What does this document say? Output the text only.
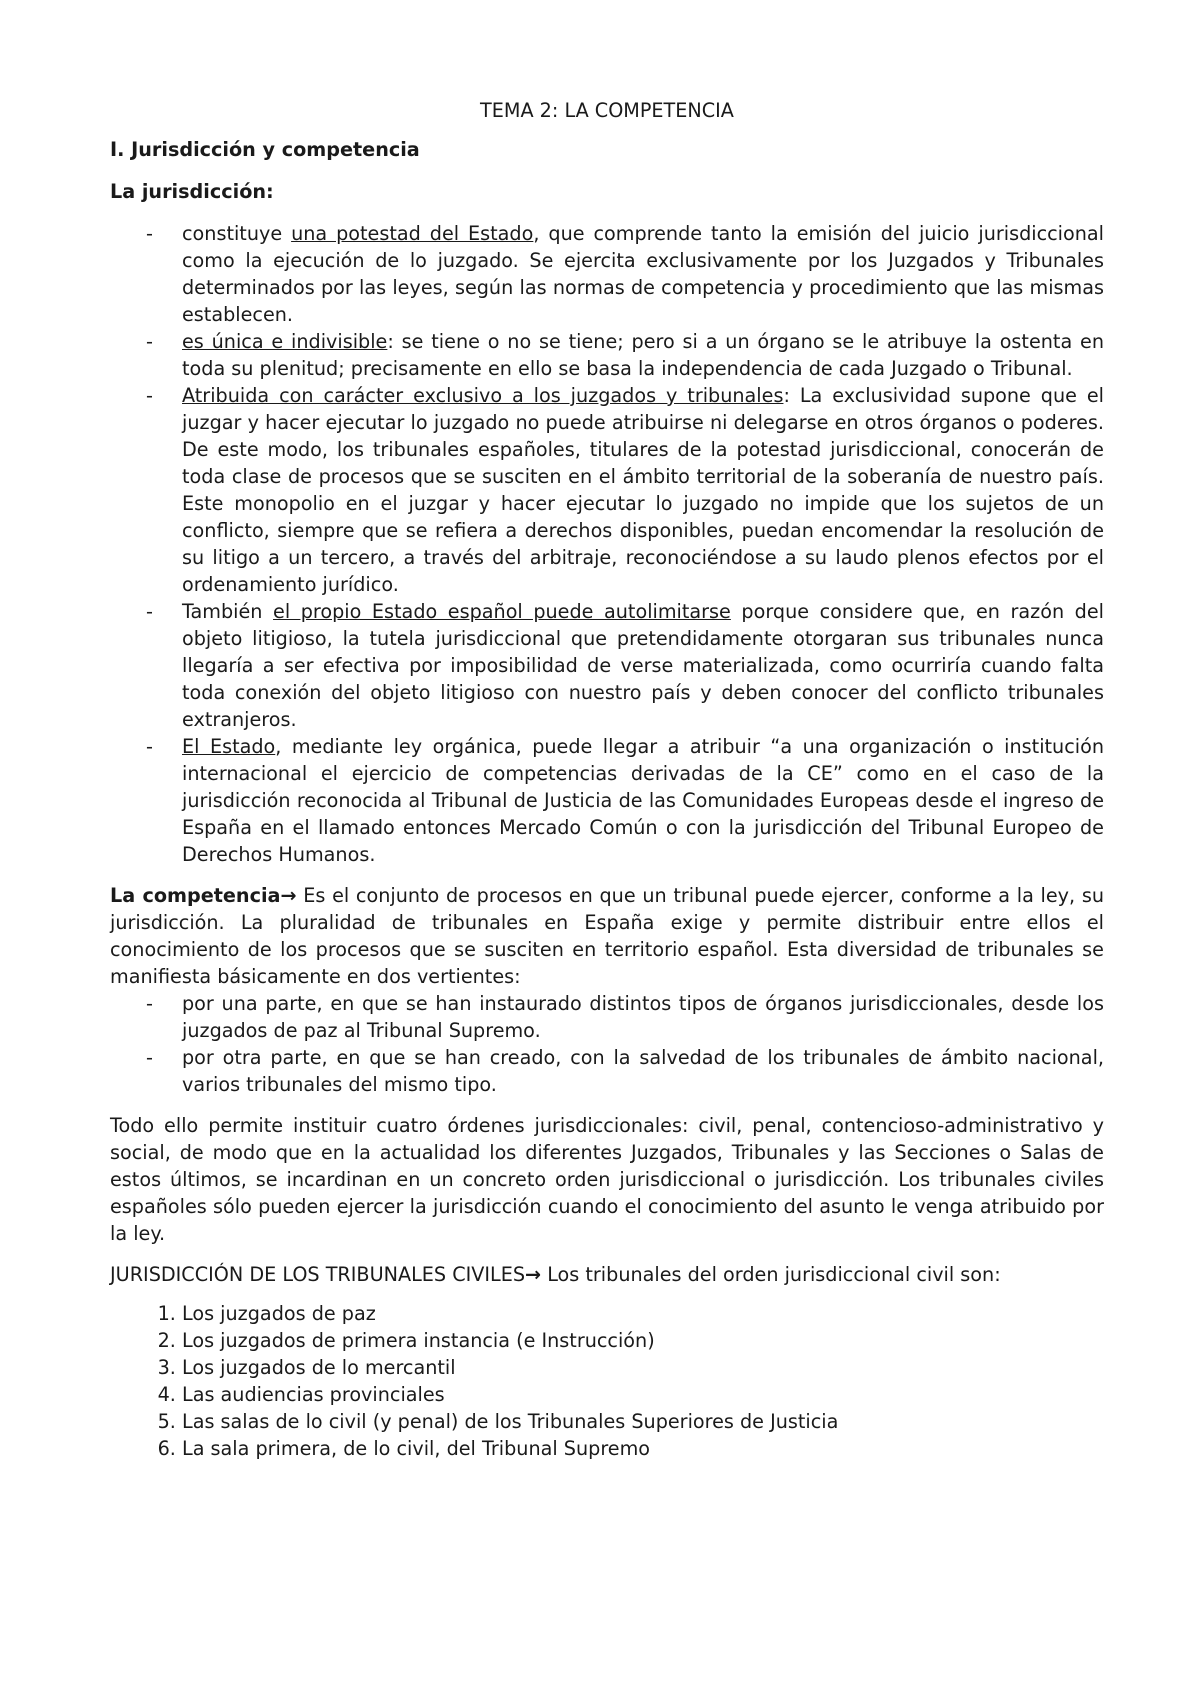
TEMA 2: LA COMPETENCIA
I. Jurisdicción y competencia
La jurisdicción:
- constituye una potestad del Estado, que comprende tanto la emisión del juicio jurisdiccional como la ejecución de lo juzgado. Se ejercita exclusivamente por los Juzgados y Tribunales determinados por las leyes, según las normas de competencia y procedimiento que las mismas establecen.
- es única e indivisible: se tiene o no se tiene; pero si a un órgano se le atribuye la ostenta en toda su plenitud; precisamente en ello se basa la independencia de cada Juzgado o Tribunal.
- Atribuida con carácter exclusivo a los juzgados y tribunales: La exclusividad supone que el juzgar y hacer ejecutar lo juzgado no puede atribuirse ni delegarse en otros órganos o poderes. De este modo, los tribunales españoles, titulares de la potestad jurisdiccional, conocerán de toda clase de procesos que se susciten en el ámbito territorial de la soberanía de nuestro país. Este monopolio en el juzgar y hacer ejecutar lo juzgado no impide que los sujetos de un conflicto, siempre que se refiera a derechos disponibles, puedan encomendar la resolución de su litigo a un tercero, a través del arbitraje, reconociéndose a su laudo plenos efectos por el ordenamiento jurídico.
- También el propio Estado español puede autolimitarse porque considere que, en razón del objeto litigioso, la tutela jurisdiccional que pretendidamente otorgaran sus tribunales nunca llegaría a ser efectiva por imposibilidad de verse materializada, como ocurriría cuando falta toda conexión del objeto litigioso con nuestro país y deben conocer del conflicto tribunales extranjeros.
- El Estado, mediante ley orgánica, puede llegar a atribuir “a una organización o institución internacional el ejercicio de competencias derivadas de la CE” como en el caso de la jurisdicción reconocida al Tribunal de Justicia de las Comunidades Europeas desde el ingreso de España en el llamado entonces Mercado Común o con la jurisdicción del Tribunal Europeo de Derechos Humanos.

La competencia→ Es el conjunto de procesos en que un tribunal puede ejercer, conforme a la ley, su jurisdicción. La pluralidad de tribunales en España exige y permite distribuir entre ellos el conocimiento de los procesos que se susciten en territorio español. Esta diversidad de tribunales se manifiesta básicamente en dos vertientes:

- por una parte, en que se han instaurado distintos tipos de órganos jurisdiccionales, desde los juzgados de paz al Tribunal Supremo.
- por otra parte, en que se han creado, con la salvedad de los tribunales de ámbito nacional, varios tribunales del mismo tipo.

Todo ello permite instituir cuatro órdenes jurisdiccionales: civil, penal, contencioso-administrativo y social, de modo que en la actualidad los diferentes Juzgados, Tribunales y las Secciones o Salas de estos últimos, se incardinan en un concreto orden jurisdiccional o jurisdicción. Los tribunales civiles españoles sólo pueden ejercer la jurisdicción cuando el conocimiento del asunto le venga atribuido por la ley.

JURISDICCIÓN DE LOS TRIBUNALES CIVILES→ Los tribunales del orden jurisdiccional civil son:

1. Los juzgados de paz
2. Los juzgados de primera instancia (e Instrucción)
3. Los juzgados de lo mercantil
4. Las audiencias provinciales
5. Las salas de lo civil (y penal) de los Tribunales Superiores de Justicia
6. La sala primera, de lo civil, del Tribunal Supremo
